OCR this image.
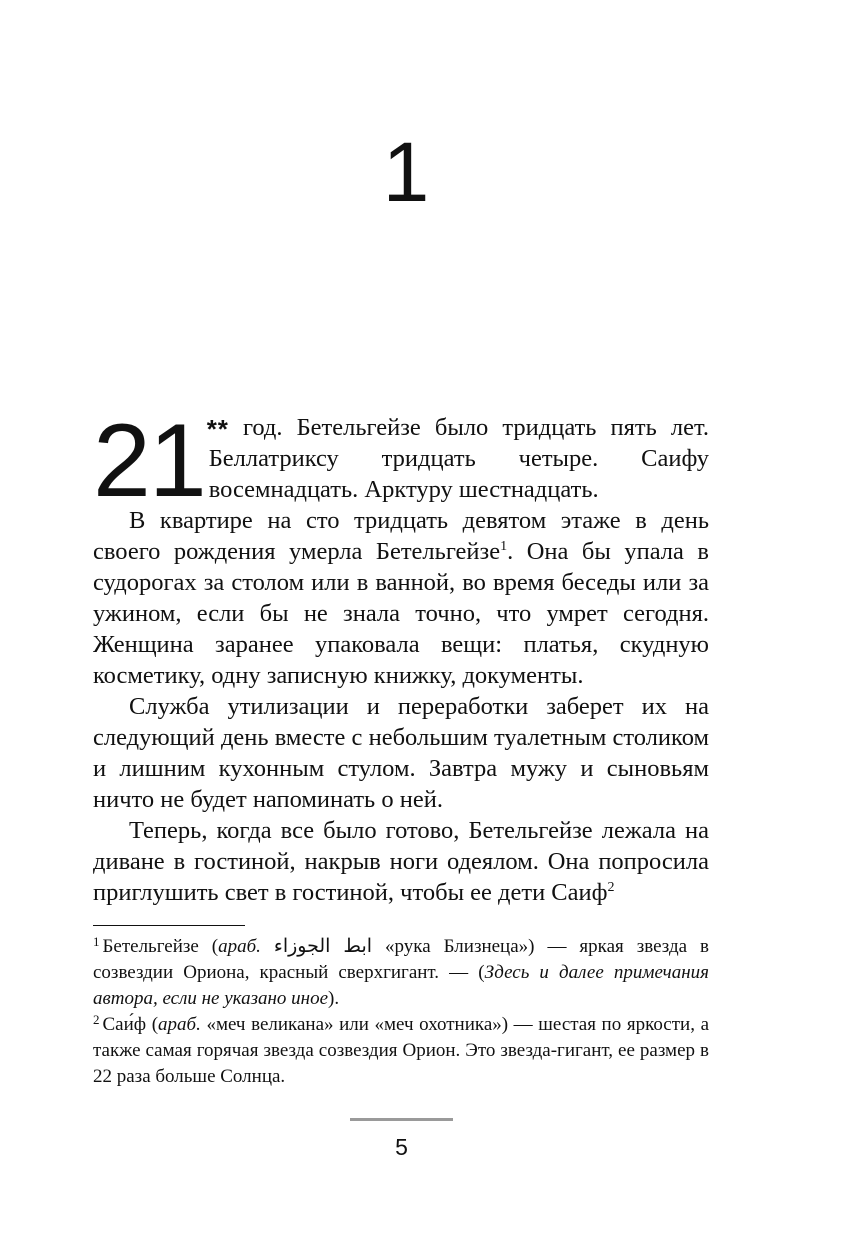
1

21 ** год. Бетельгейзе было тридцать пять лет. Беллатриксу тридцать четыре. Саифу восемнадцать. Арктуру шестнадцать.

В квартире на сто тридцать девятом этаже в день своего рождения умерла Бетельгейзе$^1$. Она бы упала в судорогах за столом или в ванной, во время беседы или за ужином, если бы не знала точно, что умрет сегодня. Женщина заранее упаковала вещи: платья, скудную косметику, одну записную книжку, документы.

Служба утилизации и переработки заберет их на следующий день вместе с небольшим туалетным столиком и лишним кухонным стулом. Завтра мужу и сыновьям ничто не будет напоминать о ней.

Теперь, когда все было готово, Бетельгейзе лежала на диване в гостиной, накрыв ноги одеялом. Она попросила приглушить свет в гостиной, чтобы ее дети Саиф$^2$

$^1$ Бетельгейзе (араб. ابط الجوزاء «рука Близнеца») — яркая звезда в созвездии Ориона, красный сверхгигант. — (Здесь и далее примечания автора, если не указано иное).

$^2$ Саи́ф (араб. «меч великана» или «меч охотника») — шестая по яркости, а также самая горячая звезда созвездия Орион. Это звезда-гигант, ее размер в 22 раза больше Солнца.

5
